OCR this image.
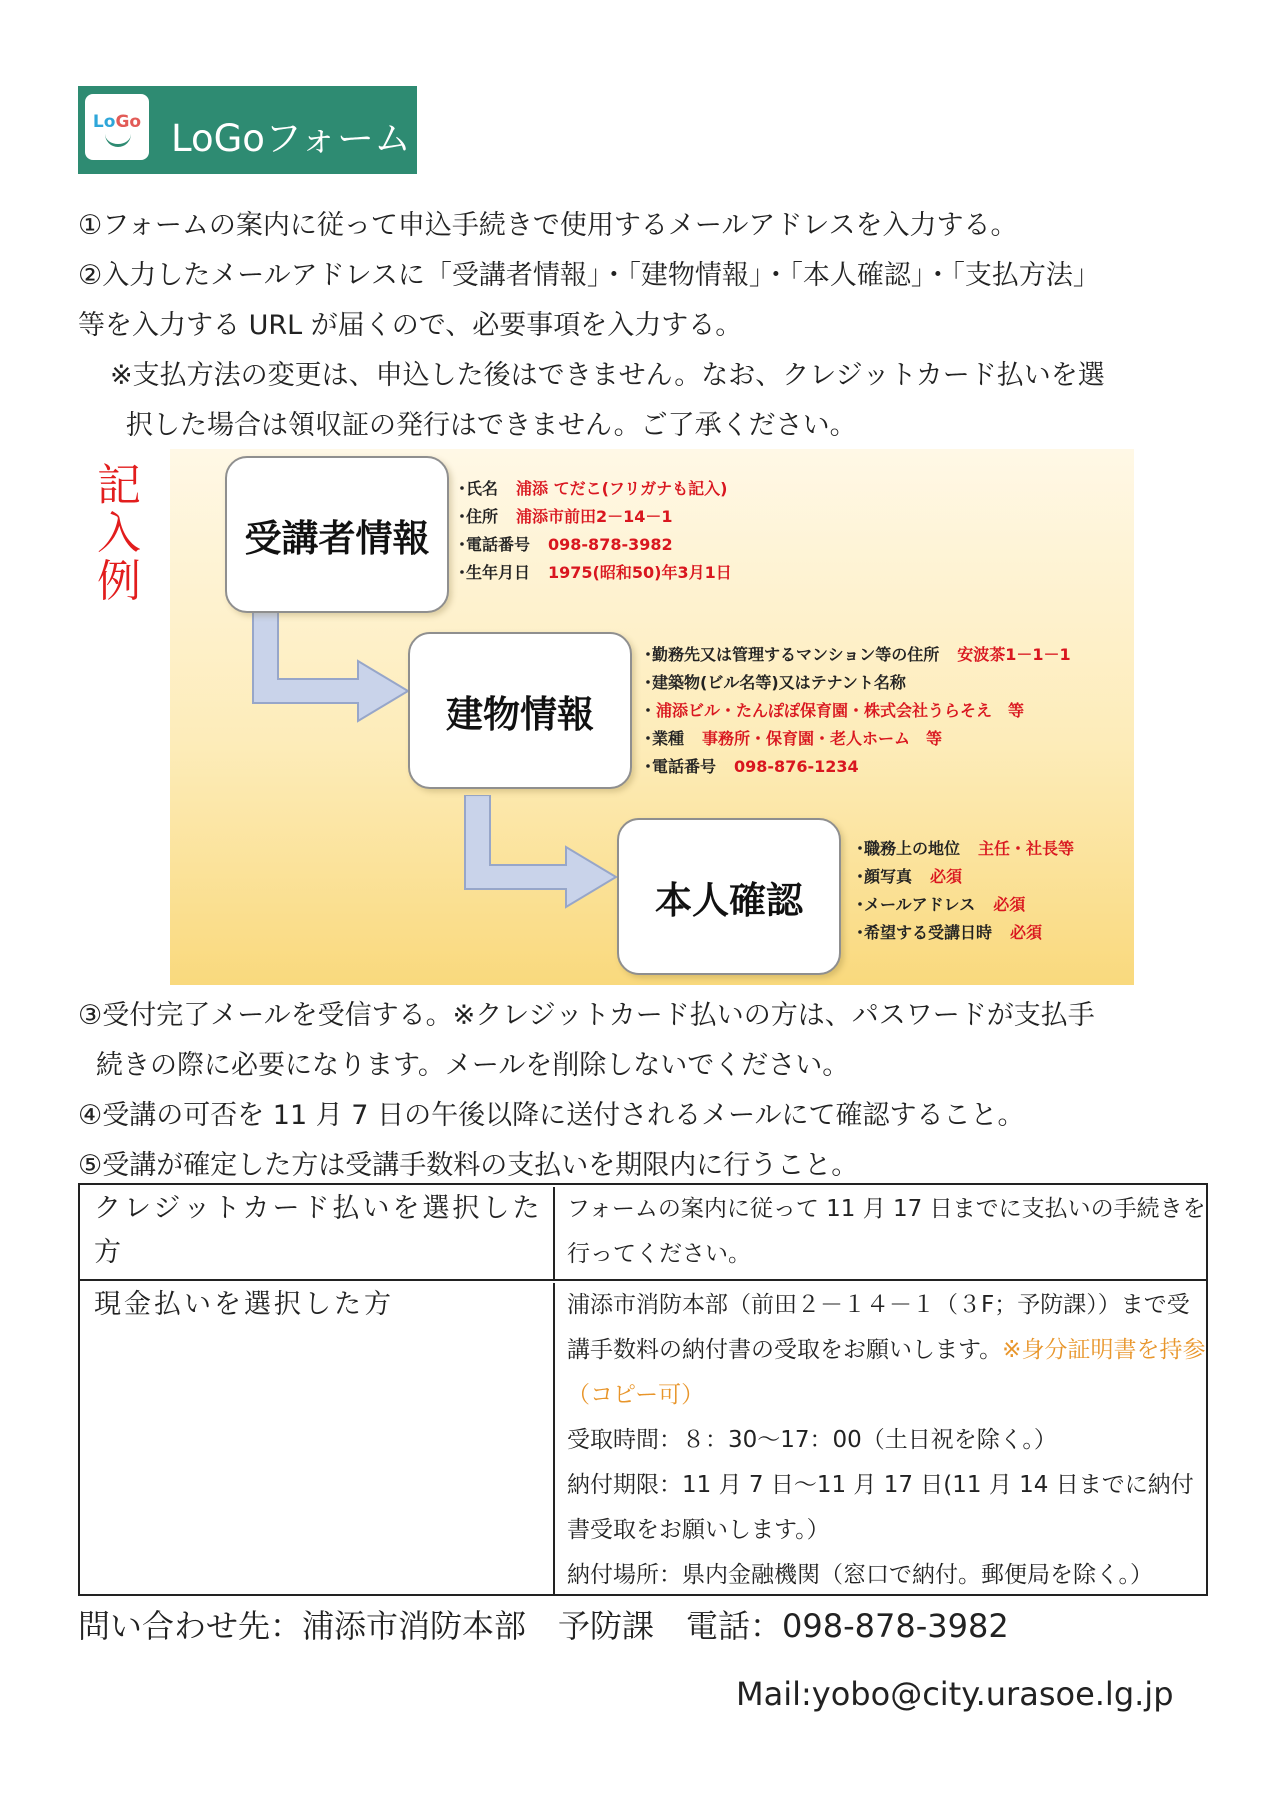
LoGo LoGoフォーム
①フォームの案内に従って申込手続きで使用するメールアドレスを入力する。
②入力したメールアドレスに「受講者情報」・「建物情報」・「本人確認」・「支払方法」
等を入力する URL が届くので、必要事項を入力する。
※支払方法の変更は、申込した後はできません。なお、クレジットカード払いを選
択した場合は領収証の発行はできません。ご了承ください。
記入例
受講者情報
建物情報
本人確認
・
氏名 浦添 てだこ(フリガナも記入)
・
住所 浦添市前田2－14－1
・
電話番号 098-878-3982
・
生年月日 1975(昭和50)年3月1日
・
勤務先又は管理するマンション等の住所 安波茶1－1－1
・
建築物(ビル名等)又はテナント名称
・ 浦添ビル・たんぽぽ保育園・株式会社うらそえ　等
・
業種 事務所・保育園・老人ホーム　等
・
電話番号 098-876-1234
・
職務上の地位 主任・社長等
・
顔写真 必須
・
メールアドレス 必須
・
希望する受講日時 必須
③受付完了メールを受信する。※クレジットカード払いの方は、パスワードが支払手
続きの際に必要になります。メールを削除しないでください。
④受講の可否を 11 月 7 日の午後以降に送付されるメールにて確認すること。
⑤受講が確定した方は受講手数料の支払いを期限内に行うこと。
クレジットカード払いを選択した方
フォームの案内に従って 11 月 17 日までに支払いの手続きを行ってください。
現金払いを選択した方	浦添市消防本部（前田２－１４－１（３F；予防課））まで受講手数料の納付書の受取をお願いします。※身分証明書を持参（コピー可）
受取時間：８：30～17：00（土日祝を除く。）
納付期限：11 月 7 日～11 月 17 日(11 月 14 日までに納付書受取をお願いします。）
納付場所：県内金融機関（窓口で納付。郵便局を除く。）
問い合わせ先：浦添市消防本部　予防課　電話：098-878-3982
Mail:yobo@city.urasoe.lg.jp
